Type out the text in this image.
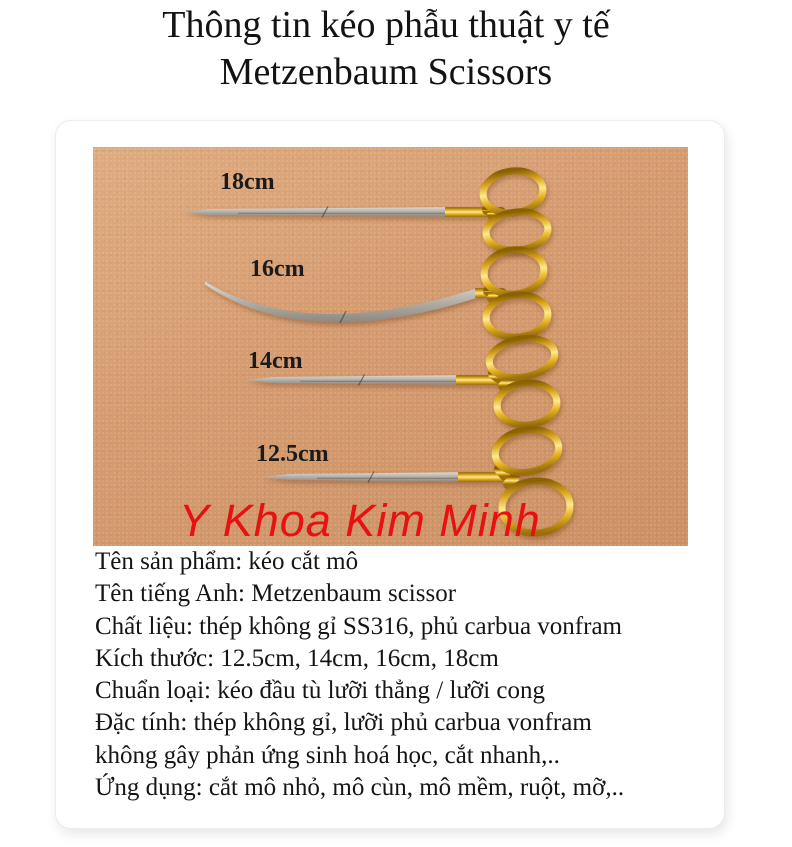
Thông tin kéo phẫu thuật y tế
Metzenbaum Scissors
18cm
16cm
14cm
12.5cm
Y Khoa Kim Minh

Tên sản phẩm: kéo cắt mô

Tên tiếng Anh: Metzenbaum scissor

Chất liệu: thép không gỉ SS316, phủ carbua vonfram

Kích thước: 12.5cm, 14cm, 16cm, 18cm

Chuẩn loại: kéo đầu tù lưỡi thẳng / lưỡi cong

Đặc tính: thép không gỉ, lưỡi phủ carbua vonfram

không gây phản ứng sinh hoá học, cắt nhanh,..

Ứng dụng: cắt mô nhỏ, mô cùn, mô mềm, ruột, mỡ,..
